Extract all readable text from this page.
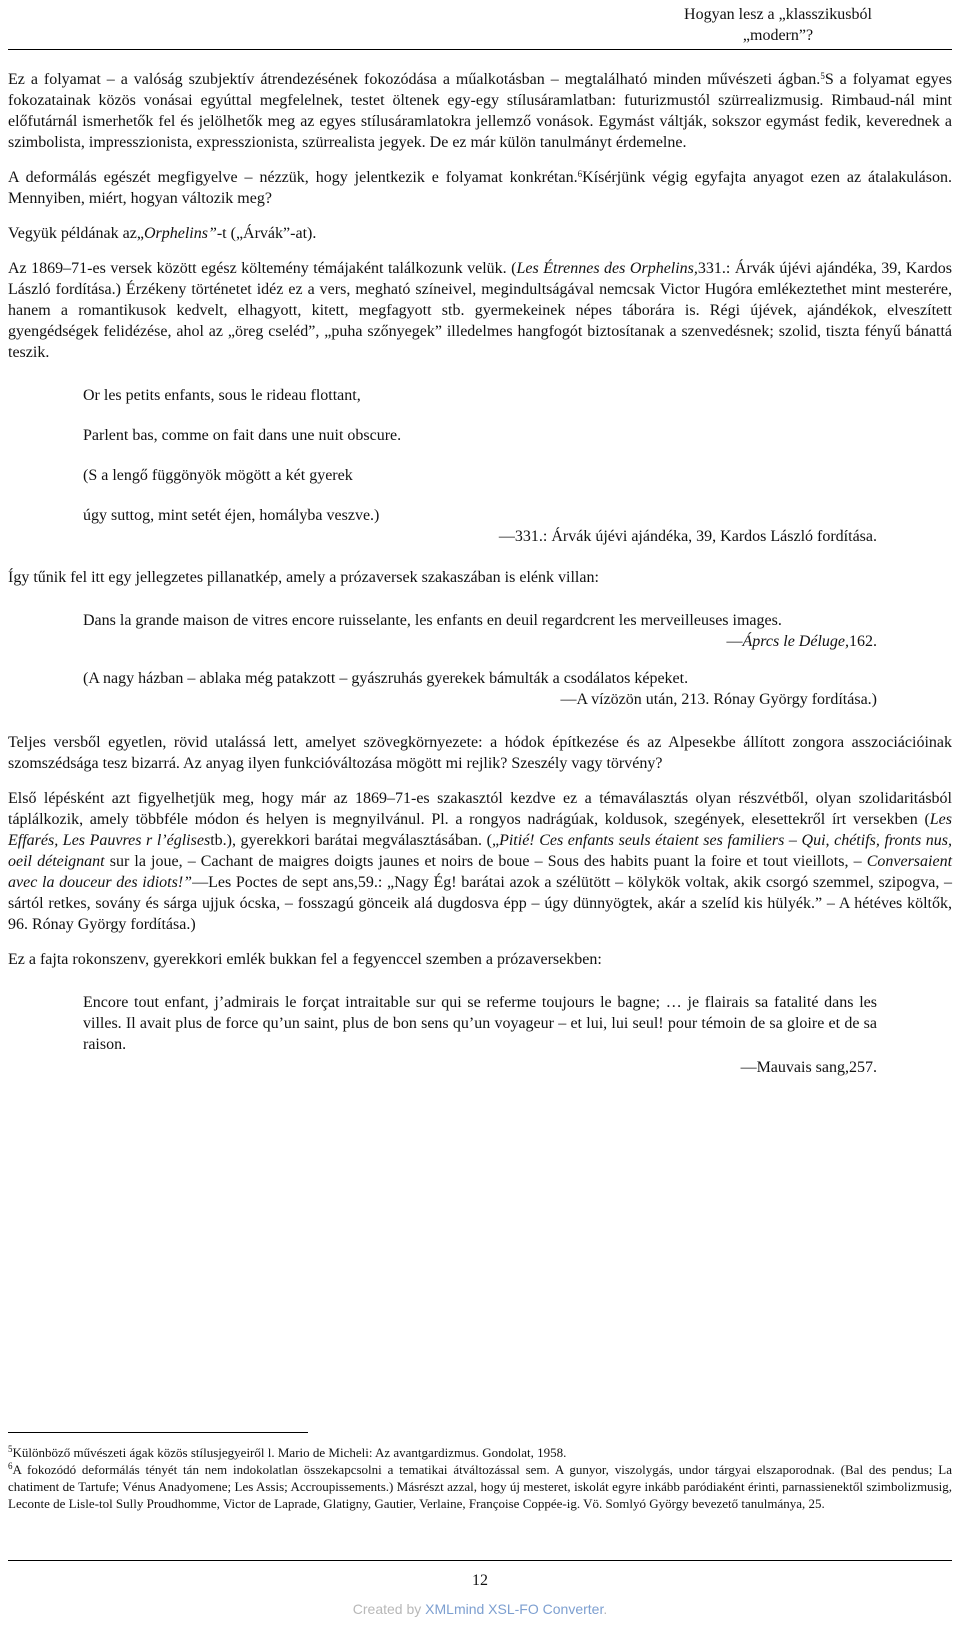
Hogyan lesz a „klasszikusból
„modern”?

Ez a folyamat – a valóság szubjektív átrendezésének fokozódása a műalkotásban – megtalálható minden művészeti ágban.$^5$S a folyamat egyes fokozatainak közös vonásai egyúttal megfelelnek, testet öltenek egy-egy stílusáramlatban: futurizmustól szürrealizmusig. Rimbaud-nál mint előfutárnál ismerhetők fel és jelölhetők meg az egyes stílusáramlatokra jellemző vonások. Egymást váltják, sokszor egymást fedik, keverednek a szimbolista, impresszionista, expresszionista, szürrealista jegyek. De ez már külön tanulmányt érdemelne.

A deformálás egészét megfigyelve – nézzük, hogy jelentkezik e folyamat konkrétan.$^6$Kísérjünk végig egyfajta anyagot ezen az átalakuláson. Mennyiben, miért, hogyan változik meg?

Vegyük példának az„Orphelins”-t („Árvák”-at).

Az 1869–71-es versek között egész költemény témájaként találkozunk velük. (Les Étrennes des Orphelins,331.: Árvák újévi ajándéka, 39, Kardos László fordítása.) Érzékeny történetet idéz ez a vers, megható színeivel, megindultságával nemcsak Victor Hugóra emlékeztethet mint mesterére, hanem a romantikusok kedvelt, elhagyott, kitett, megfagyott stb. gyermekeinek népes táborára is. Régi újévek, ajándékok, elveszített gyengédségek felidézése, ahol az „öreg cseléd”, „puha szőnyegek” illedelmes hangfogót biztosítanak a szenvedésnek; szolid, tiszta fényű bánattá teszik.

Or les petits enfants, sous le rideau flottant,
Parlent bas, comme on fait dans une nuit obscure.
(S a lengő függönyök mögött a két gyerek
úgy suttog, mint setét éjen, homályba veszve.)
—331.: Árvák újévi ajándéka, 39, Kardos László fordítása.

Így tűnik fel itt egy jellegzetes pillanatkép, amely a prózaversek szakaszában is elénk villan:

Dans la grande maison de vitres encore ruisselante, les enfants en deuil regardcrent les merveilleuses images.
—Áprcs le Déluge,162.
(A nagy házban – ablaka még patakzott – gyászruhás gyerekek bámulták a csodálatos képeket.
—A vízözön után, 213. Rónay György fordítása.)

Teljes versből egyetlen, rövid utalássá lett, amelyet szövegkörnyezete: a hódok építkezése és az Alpesekbe állított zongora asszociációinak szomszédsága tesz bizarrá. Az anyag ilyen funkcióváltozása mögött mi rejlik? Szeszély vagy törvény?

Első lépésként azt figyelhetjük meg, hogy már az 1869–71-es szakasztól kezdve ez a témaválasztás olyan részvétből, olyan szolidaritásból táplálkozik, amely többféle módon és helyen is megnyilvánul. Pl. a rongyos nadrágúak, koldusok, szegények, elesettekről írt versekben (Les Effarés, Les Pauvres r l’églisestb.), gyerekkori barátai megválasztásában. („Pitié! Ces enfants seuls étaient ses familiers – Qui, chétifs, fronts nus, oeil déteignant sur la joue, – Cachant de maigres doigts jaunes et noirs de boue – Sous des habits puant la foire et tout vieillots, – Conversaient avec la douceur des idiots!”—Les Poctes de sept ans,59.: „Nagy Ég! barátai azok a szélütött – kölykök voltak, akik csorgó szemmel, szipogva, – sártól retkes, sovány és sárga ujjuk ócska, – fosszagú gönceik alá dugdosva épp – úgy dünnyögtek, akár a szelíd kis hülyék.” – A hétéves költők, 96. Rónay György fordítása.)

Ez a fajta rokonszenv, gyerekkori emlék bukkan fel a fegyenccel szemben a prózaversekben:

Encore tout enfant, j’admirais le forçat intraitable sur qui se referme toujours le bagne; … je flairais sa fatalité dans les villes. Il avait plus de force qu’un saint, plus de bon sens qu’un voyageur – et lui, lui seul! pour témoin de sa gloire et de sa raison.
—Mauvais sang,257.

$^5$Különböző művészeti ágak közös stílusjegyeiről l. Mario de Micheli: Az avantgardizmus. Gondolat, 1958.

$^6$A fokozódó deformálás tényét tán nem indokolatlan összekapcsolni a tematikai átváltozással sem. A gunyor, viszolygás, undor tárgyai elszaporodnak. (Bal des pendus; La chatiment de Tartufe; Vénus Anadyomene; Les Assis; Accroupissements.) Másrészt azzal, hogy új mesteret, iskolát egyre inkább paródiaként érinti, parnassienektől szimbolizmusig, Leconte de Lisle-tol Sully Proudhomme, Victor de Laprade, Glatigny, Gautier, Verlaine, Françoise Coppée-ig. Vö. Somlyó György bevezető tanulmánya, 25.

12
Created by XMLmind XSL-FO Converter.
